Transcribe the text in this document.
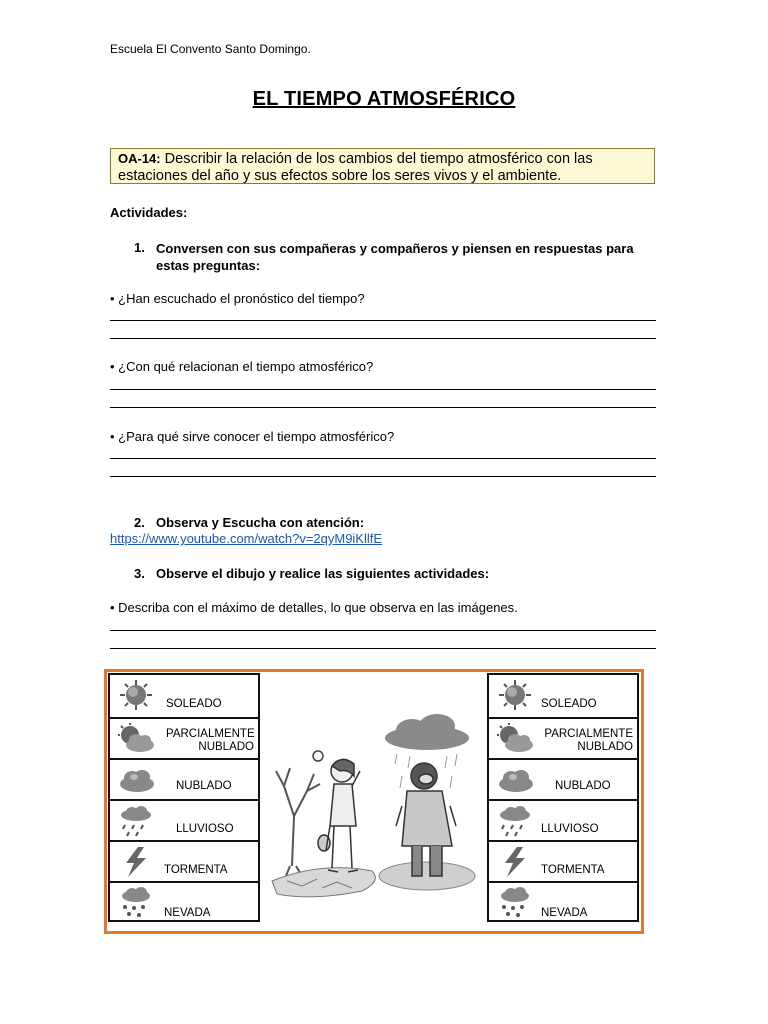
Escuela El Convento Santo Domingo.
EL TIEMPO ATMOSFÉRICO
OA-14: Describir la relación de los cambios del tiempo atmosférico con las estaciones del año y sus efectos sobre los seres vivos y el ambiente.
Actividades:
1. Conversen con sus compañeras y compañeros y piensen en respuestas para estas preguntas:
• ¿Han escuchado el pronóstico del tiempo?
• ¿Con qué relacionan el tiempo atmosférico?
• ¿Para qué sirve conocer el tiempo atmosférico?
2. Observa y Escucha con atención:
https://www.youtube.com/watch?v=2qyM9iKllfE
3. Observe el dibujo y realice las siguientes actividades:
• Describa con el máximo de detalles, lo que observa en las imágenes.
SOLEADO
PARCIALMENTE
NUBLADO
NUBLADO
LLUVIOSO
TORMENTA
NEVADA
SOLEADO
PARCIALMENTE
NUBLADO
NUBLADO
LLUVIOSO
TORMENTA
NEVADA
